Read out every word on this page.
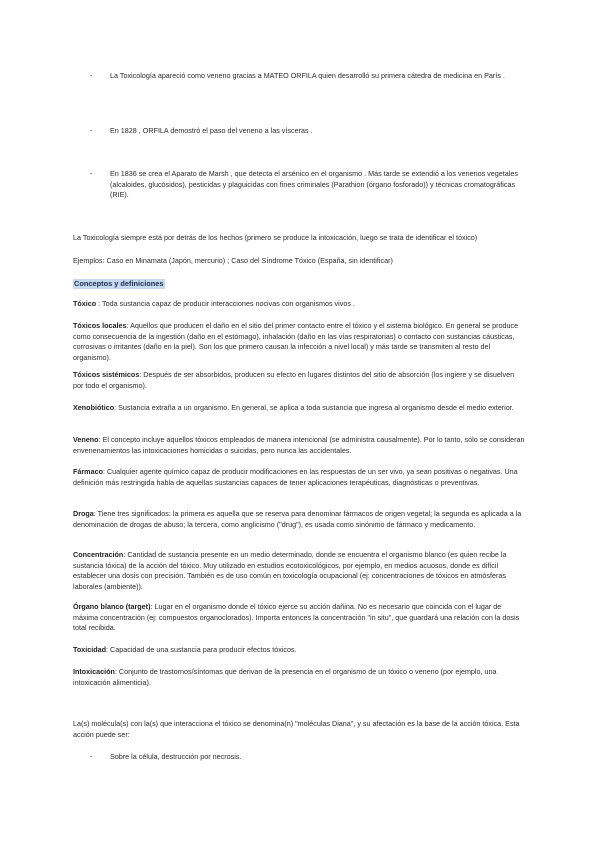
- La Toxicología apareció como veneno gracias a MATEO ORFILA quien desarrolló su primera cátedra de medicina en París .
- En 1828 , ORFILA demostró el paso del veneno a las vísceras .
- En 1836 se crea el Aparato de Marsh , que detecta el arsénico en el organismo . Más tarde se extendió a los venenos vegetales (alcaloides, glucósidos), pesticidas y plaguicidas con fines criminales (Parathion (órgano fosforado)) y técnicas cromatográficas (RIE).

La Toxicología siempre está por detrás de los hechos (primero se produce la intoxicación, luego se trata de identificar el tóxico)

Ejemplos: Caso en Minamata (Japón, mercurio) ; Caso del Síndrome Tóxico (España, sin identificar)

Conceptos y definiciones

Tóxico : Toda sustancia capaz de producir interacciones nocivas con organismos vivos .

Tóxicos locales: Aquellos que producen el daño en el sitio del primer contacto entre el tóxico y el sistema biológico. En general se produce como consecuencia de la ingestión (daño en el estómago), inhalación (daño en las vías respiratorias) o contacto con sustancias cáusticas, corrosivas o irritantes (daño en la piel). Son los que primero causan la infección a nivel local) y más tarde se transmiten al resto del organismo).

Tóxicos sistémicos: Después de ser absorbidos, producen su efecto en lugares distintos del sitio de absorción (los ingiere y se disuelven por todo el organismo).

Xenobiótico: Sustancia extraña a un organismo. En general, se aplica a toda sustancia que ingresa al organismo desde el medio exterior.

Veneno: El concepto incluye aquellos tóxicos empleados de manera intencional (se administra causalmente). Por lo tanto, sólo se consideran envenenamientos las intoxicaciones homicidas o suicidas, pero nunca las accidentales.

Fármaco: Cualquier agente químico capaz de producir modificaciones en las respuestas de un ser vivo, ya sean positivas o negativas. Una definición más restringida habla de aquellas sustancias capaces de tener aplicaciones terapéuticas, diagnósticas o preventivas.

Droga: Tiene tres significados: la primera es aquella que se reserva para denominar fármacos de origen vegetal; la segunda es aplicada a la denominación de drogas de abuso; la tercera, como anglicismo ("drug"), es usada como sinónimo de fármaco y medicamento.

Concentración: Cantidad de sustancia presente en un medio determinado, donde se encuentra el organismo blanco (es quien recibe la sustancia tóxica) de la acción del tóxico. Muy utilizado en estudios ecotoxicológicos, por ejemplo, en medios acuosos, donde es difícil establecer una dosis con precisión. También es de uso común en toxicología ocupacional (ej: concentraciones de tóxicos en atmósferas laborales (ambiente)).

Órgano blanco (target): Lugar en el organismo donde el tóxico ejerce su acción dañina. No es necesario que coincida con el lugar de máxima concentración (ej: compuestos organoclorados). Importa entonces la concentración "in situ", que guardará una relación con la dosis total recibida.

Toxicidad: Capacidad de una sustancia para producir efectos tóxicos.

Intoxicación: Conjunto de trastornos/síntomas que derivan de la presencia en el organismo de un tóxico o veneno (por ejemplo, una intoxicación alimenticia).

La(s) molécula(s) con la(s) que interacciona el tóxico se denomina(n) "moléculas Diana", y su afectación es la base de la acción tóxica. Esta acción puede ser:

- Sobre la célula, destrucción por necrosis.
